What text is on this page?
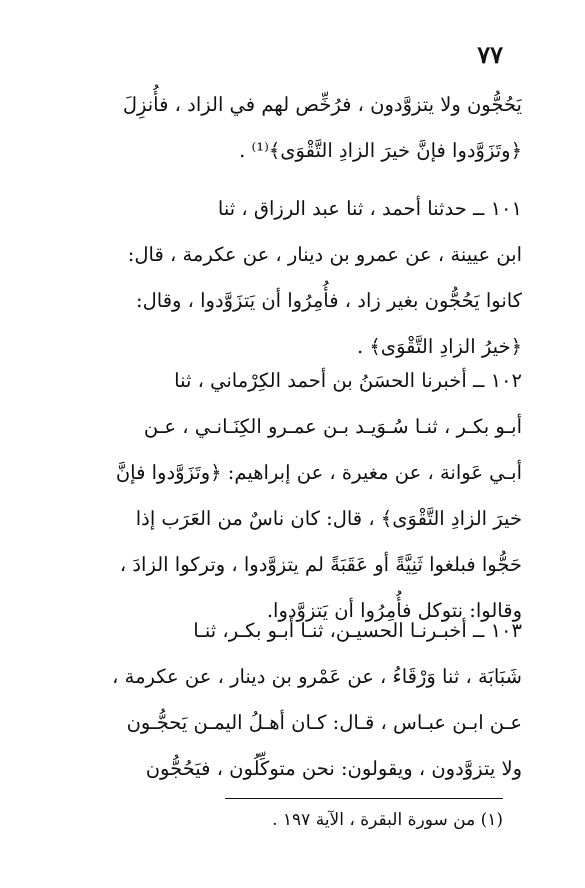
٧٧
يَحُجُّون ولا يتزوَّدون ، فرُخِّص لهم في الزاد ، فأُنزِلَ
﴿وتَزَوَّدوا فإنَّ خيرَ الزادِ التَّقْوَى﴾⁽¹⁾ .
١٠١ ــ حدثنا أحمد ، ثنا عبد الرزاق ، ثنا
ابن عيينة ، عن عمرو بن دينار ، عن عكرمة ، قال:
كانوا يَحُجُّون بغير زاد ، فأُمِرُوا أن يَتزَوَّدوا ، وقال:
﴿خيرُ الزادِ التَّقْوَى﴾ .
١٠٢ ــ أخبرنا الحسَنُ بن أحمد الكِرْماني ، ثنا
أبـو بكـر ، ثنـا سُـوَيـد بـن عمـرو الكِنَـانـي ، عـن
أبـي عَوانة ، عن مغيرة ، عن إبراهيم: ﴿وتَزَوَّدوا فإنَّ
خيرَ الزادِ التَّقْوَى﴾ ، قال: كان ناسٌ من العَرَب إذا
حَجُّوا فبلغوا ثَنِيَّةً أو عَقَبَةً لم يتزوَّدوا ، وتركوا الزادَ ،
وقالوا: نتوكل فأُمِرُوا أن يَتزوَّدوا.
١٠٣ ــ أخبـرنـا الحسيـن، ثنـا أبـو بكـر، ثنـا
شَبَابَة ، ثنا وَرْقَاءُ ، عن عَمْرو بن دينار ، عن عكرمة ،
عـن ابـن عبـاس ، قـال: كـان أهـلُ اليمـن يَحجُّـون
ولا يتزوَّدون ، ويقولون: نحن متوكِّلُون ، فيَحُجُّون
(١) من سورة البقرة ، الآية ١٩٧ .
